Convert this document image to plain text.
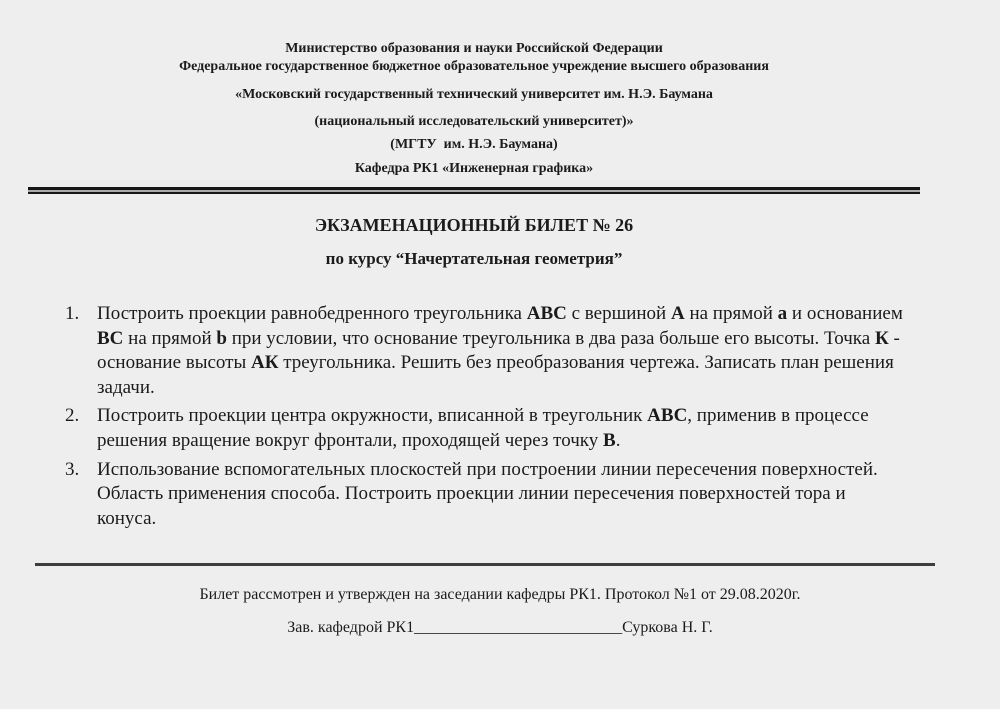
Министерство образования и науки Российской Федерации
Федеральное государственное бюджетное образовательное учреждение высшего образования
«Московский государственный технический университет им. Н.Э. Баумана
(национальный исследовательский университет)»
(МГТУ  им. Н.Э. Баумана)
Кафедра РК1 «Инженерная графика»
ЭКЗАМЕНАЦИОННЫЙ БИЛЕТ № 26
по курсу “Начертательная геометрия”
1. Построить проекции равнобедренного треугольника АВС с вершиной А на прямой a и основанием ВС на прямой b при условии, что основание треугольника в два раза больше его высоты. Точка К - основание высоты АК треугольника. Решить без преобразования чертежа. Записать план решения задачи.
2. Построить проекции центра окружности, вписанной в треугольник АВС, применив в процессе решения вращение вокруг фронтали, проходящей через точку В.
3. Использование вспомогательных плоскостей при построении линии пересечения поверхностей. Область применения способа. Построить проекции линии пересечения поверхностей тора и конуса.
Билет рассмотрен и утвержден на заседании кафедры РК1. Протокол №1 от 29.08.2020г.
Зав. кафедрой РК1__________________________Суркова Н. Г.
